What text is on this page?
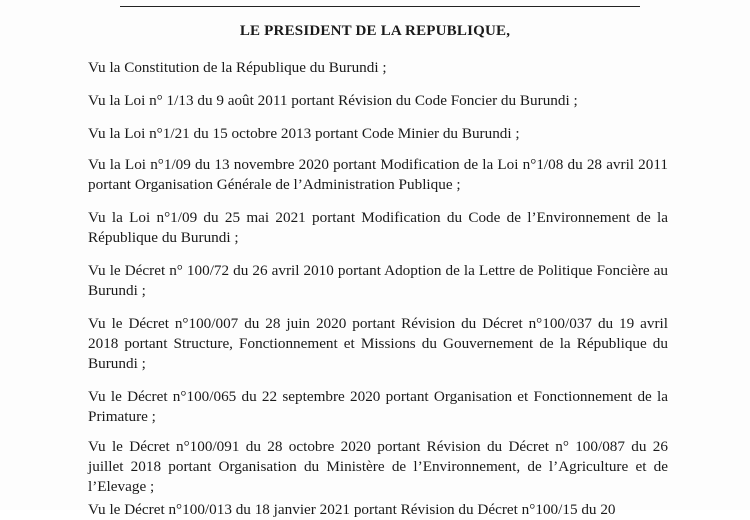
LE PRESIDENT DE LA REPUBLIQUE,

Vu la Constitution de la République du Burundi ;

Vu la Loi n° 1/13 du 9 août 2011 portant Révision du Code Foncier du Burundi ;

Vu la Loi n°1/21 du 15 octobre 2013 portant Code Minier du Burundi ;

Vu la Loi n°1/09 du 13 novembre 2020 portant Modification de la Loi n°1/08 du 28 avril 2011 portant Organisation Générale de l’Administration Publique ;

Vu la Loi n°1/09 du 25 mai 2021 portant Modification du Code de l’Environnement de la République du Burundi ;

Vu le Décret n° 100/72 du 26 avril 2010 portant Adoption de la Lettre de Politique Foncière au Burundi ;

Vu le Décret n°100/007 du 28 juin 2020 portant Révision du Décret n°100/037 du 19 avril 2018 portant Structure, Fonctionnement et Missions du Gouvernement de la République du Burundi ;

Vu le Décret n°100/065 du 22 septembre 2020 portant Organisation et Fonctionnement de la Primature ;

Vu le Décret n°100/091 du 28 octobre 2020 portant Révision du Décret n° 100/087 du 26 juillet 2018 portant Organisation du Ministère de l’Environnement, de l’Agriculture et de l’Elevage ;

Vu le Décret n°100/013 du 18 janvier 2021 portant Révision du Décret n°100/15 du 20
